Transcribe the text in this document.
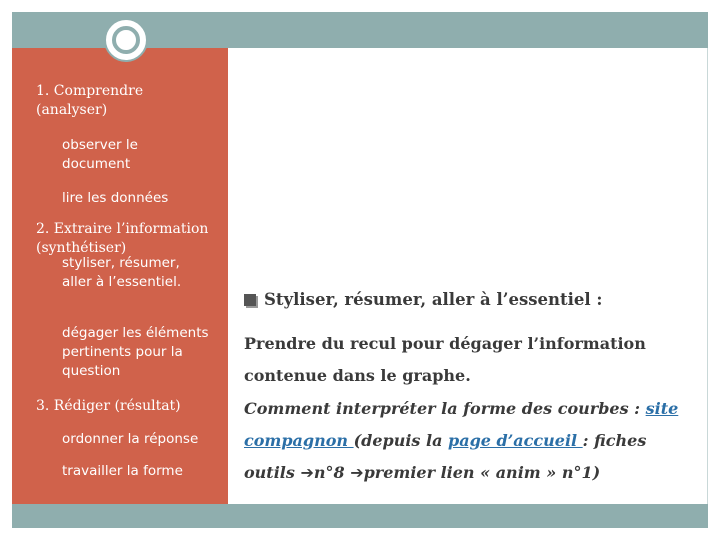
1. Comprendre
(analyser)
observer le
document
lire les données
2. Extraire l’information
(synthétiser)
styliser, résumer,
aller à l’essentiel.
dégager les éléments
pertinents pour la
question
3. Rédiger (résultat)
ordonner la réponse
travailler la forme
Styliser, résumer, aller à l’essentiel :
Prendre du recul pour dégager l’information
contenue dans le graphe.
Comment interpréter la forme des courbes : site
compagnon (depuis la page d’accueil : fiches
outils ➔n°8 ➔premier lien « anim » n°1)
